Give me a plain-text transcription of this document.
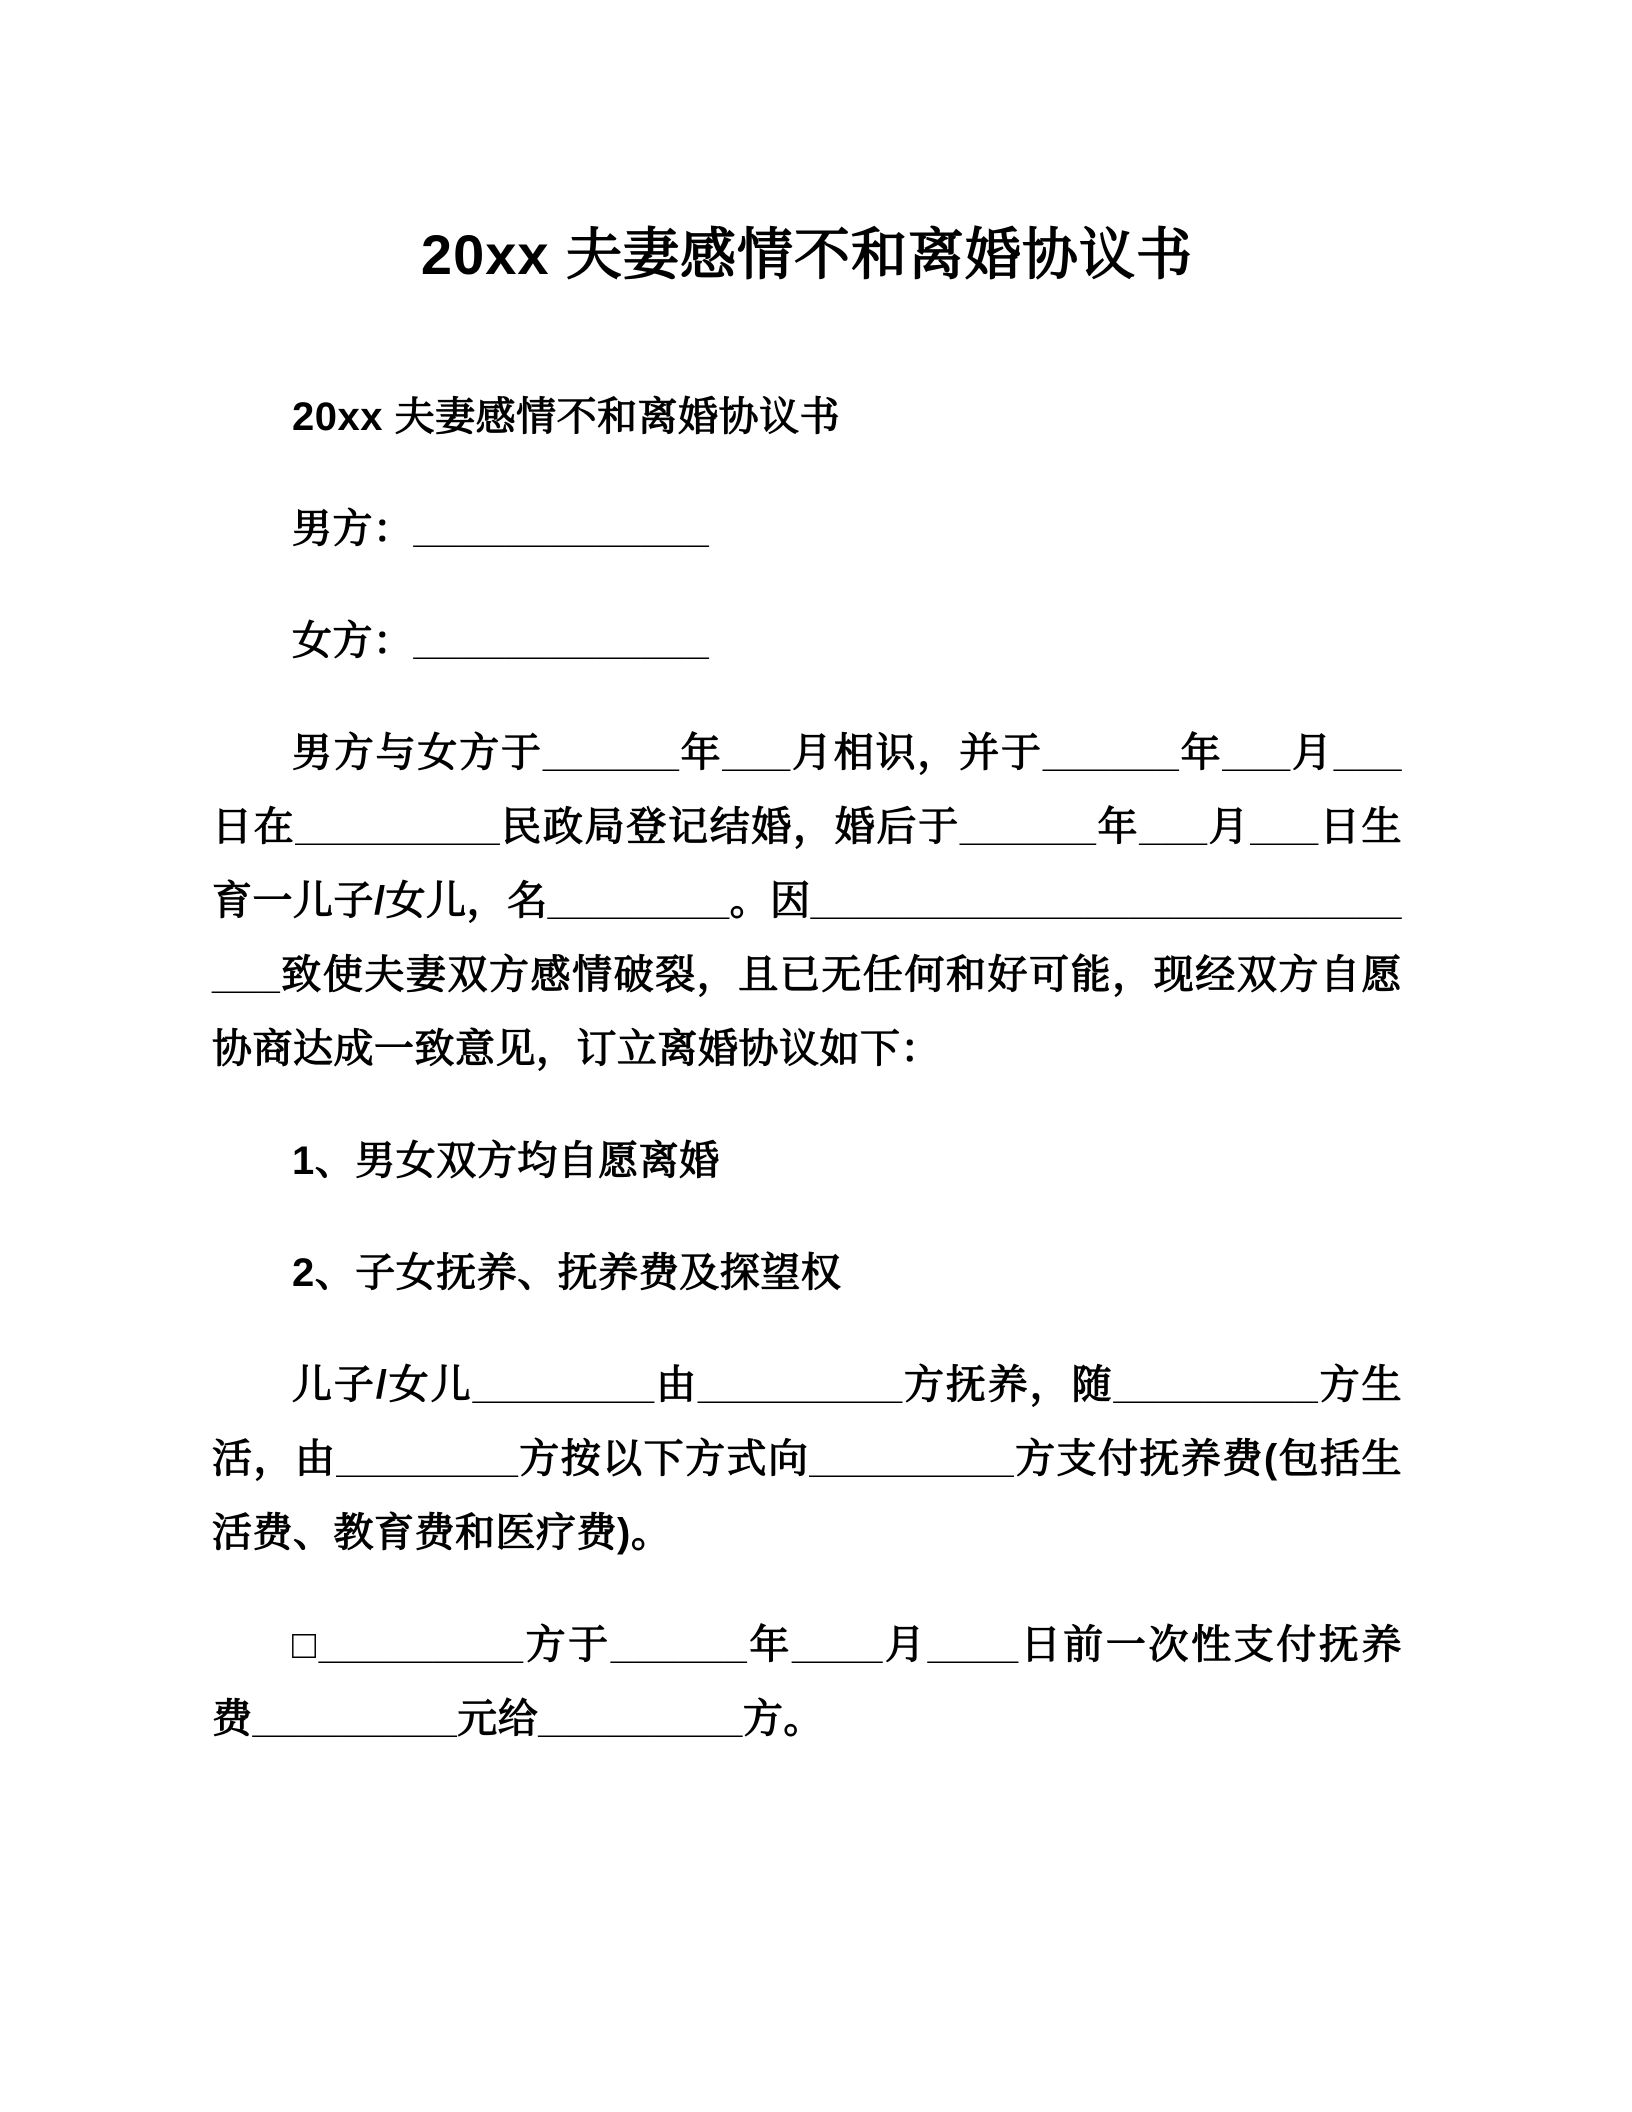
20xx 夫妻感情不和离婚协议书

20xx 夫妻感情不和离婚协议书

男方：_____________

女方：_____________

男方与女方于______年___月相识，并于______年___月___日在_________民政局登记结婚，婚后于______年___月___日生育一儿子/女儿，名________。因_____________________________致使夫妻双方感情破裂，且已无任何和好可能，现经双方自愿协商达成一致意见，订立离婚协议如下：

1、男女双方均自愿离婚

2、子女抚养、抚养费及探望权

儿子/女儿________由_________方抚养，随_________方生活，由________方按以下方式向_________方支付抚养费(包括生活费、教育费和医疗费)。

□_________方于______年____月____日前一次性支付抚养费_________元给_________方。
